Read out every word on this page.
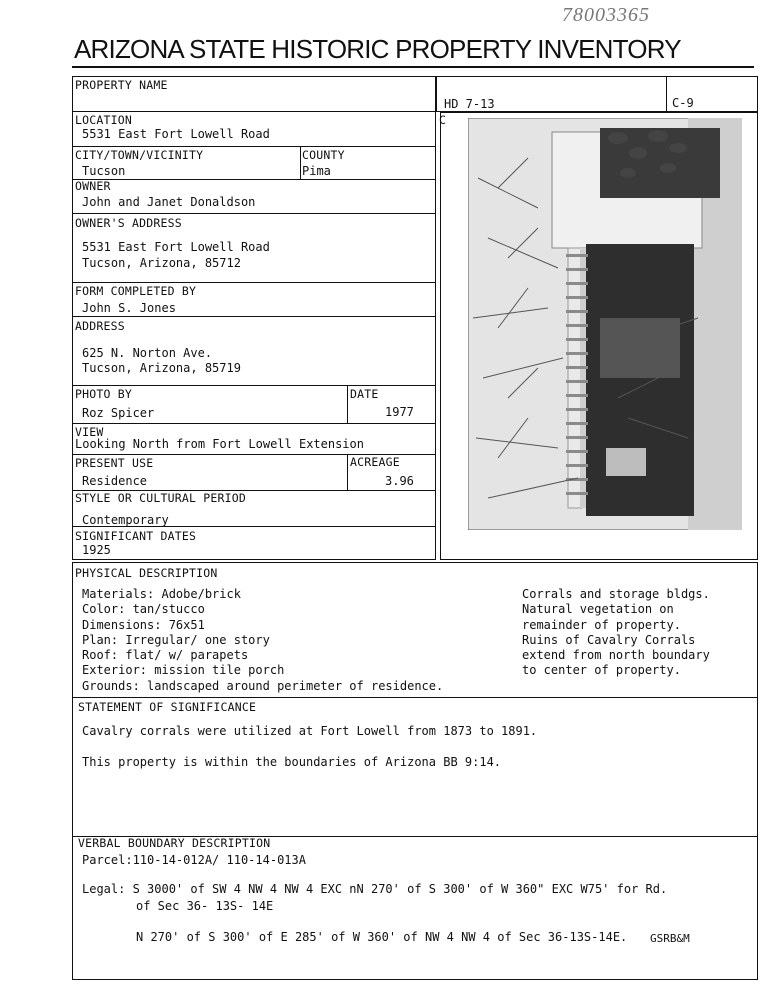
78003365
ARIZONA STATE HISTORIC PROPERTY INVENTORY
PROPERTY NAME
LOCATION
5531 East Fort Lowell Road
CITY/TOWN/VICINITY
Tucson
COUNTY
Pima
OWNER
John and Janet Donaldson
OWNER'S ADDRESS
5531 East Fort Lowell Road
Tucson, Arizona, 85712
FORM COMPLETED BY
John S. Jones
ADDRESS
625 N. Norton Ave.
Tucson, Arizona, 85719
PHOTO BY
Roz Spicer
DATE
1977
VIEW
Looking North from Fort Lowell Extension
PRESENT USE
Residence
ACREAGE
3.96
STYLE OR CULTURAL PERIOD
Contemporary
SIGNIFICANT DATES
1925
HD 7-13	C-9
C
PHYSICAL DESCRIPTION
Materials: Adobe/brick
Color: tan/stucco
Dimensions: 76x51
Plan: Irregular/ one story
Roof: flat/ w/ parapets
Exterior: mission tile porch
Grounds: landscaped around perimeter of residence.
Corrals and storage bldgs.
Natural vegetation on
remainder of property.
Ruins of Cavalry Corrals
extend from north boundary
to center of property.
STATEMENT OF SIGNIFICANCE
Cavalry corrals were utilized at Fort Lowell from 1873 to 1891.
This property is within the boundaries of Arizona BB 9:14.
VERBAL BOUNDARY DESCRIPTION
Parcel:110-14-012A/ 110-14-013A
Legal: S 3000' of SW 4 NW 4 NW 4 EXC nN 270' of S 300' of W 360" EXC W75' for Rd.
of Sec 36- 13S- 14E
N 270' of S 300' of E 285' of W 360' of NW 4 NW 4 of Sec 36-13S-14E. GSRB&M
